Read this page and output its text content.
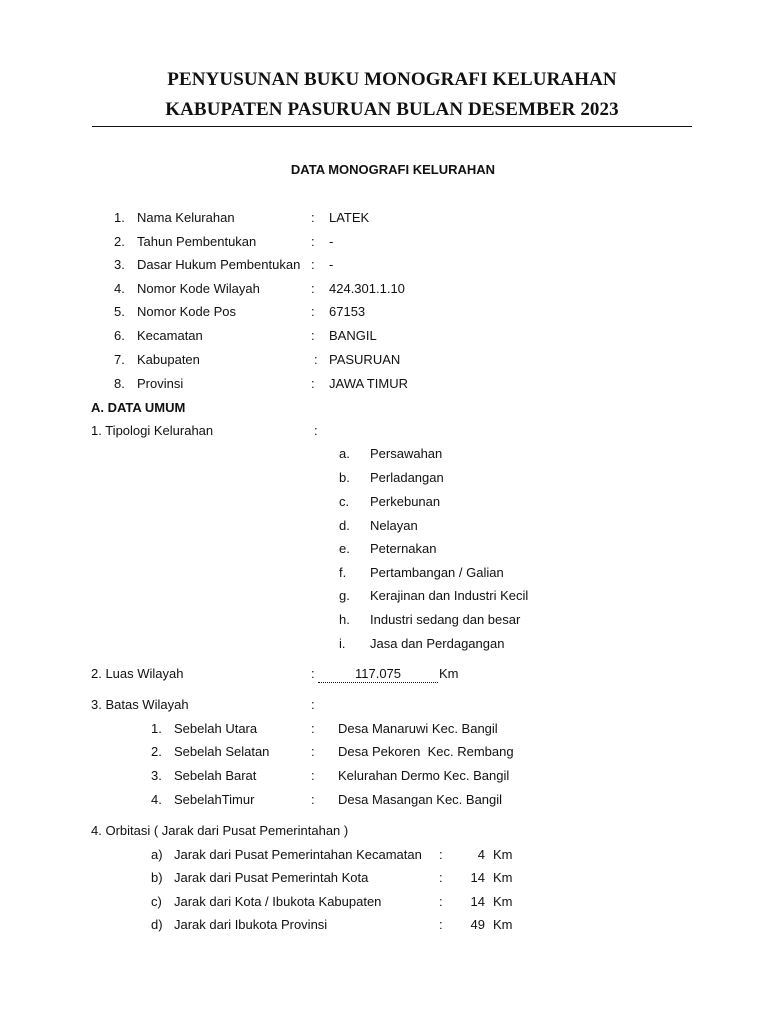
PENYUSUNAN BUKU MONOGRAFI KELURAHAN
KABUPATEN PASURUAN BULAN DESEMBER 2023
DATA MONOGRAFI KELURAHAN
1. Nama Kelurahan	: LATEK
2. Tahun Pembentukan	: -
3. Dasar Hukum Pembentukan : -
4. Nomor Kode Wilayah	: 424.301.1.10
5. Nomor Kode Pos	: 67153
6. Kecamatan	: BANGIL
7. Kabupaten	: PASURUAN
8. Provinsi	: JAWA TIMUR
A. DATA UMUM
1. Tipologi Kelurahan	:
a. Persawahan
b. Perladangan
c. Perkebunan
d. Nelayan
e. Peternakan
f. Pertambangan / Galian
g. Kerajinan dan Industri Kecil
h. Industri sedang dan besar
i. Jasa dan Perdagangan
2. Luas Wilayah	:	117.075	Km
3. Batas Wilayah	:
1. Sebelah Utara	: Desa Manaruwi Kec. Bangil
2. Sebelah Selatan	: Desa Pekoren  Kec. Rembang
3. Sebelah Barat	: Kelurahan Dermo Kec. Bangil
4. SebelahTimur	: Desa Masangan Kec. Bangil
4. Orbitasi ( Jarak dari Pusat Pemerintahan )
a) Jarak dari Pusat Pemerintahan Kecamatan :	4 Km
b) Jarak dari Pusat Pemerintah Kota	:	14 Km
c) Jarak dari Kota / Ibukota Kabupaten	:	14 Km
d) Jarak dari Ibukota Provinsi	:	49 Km
